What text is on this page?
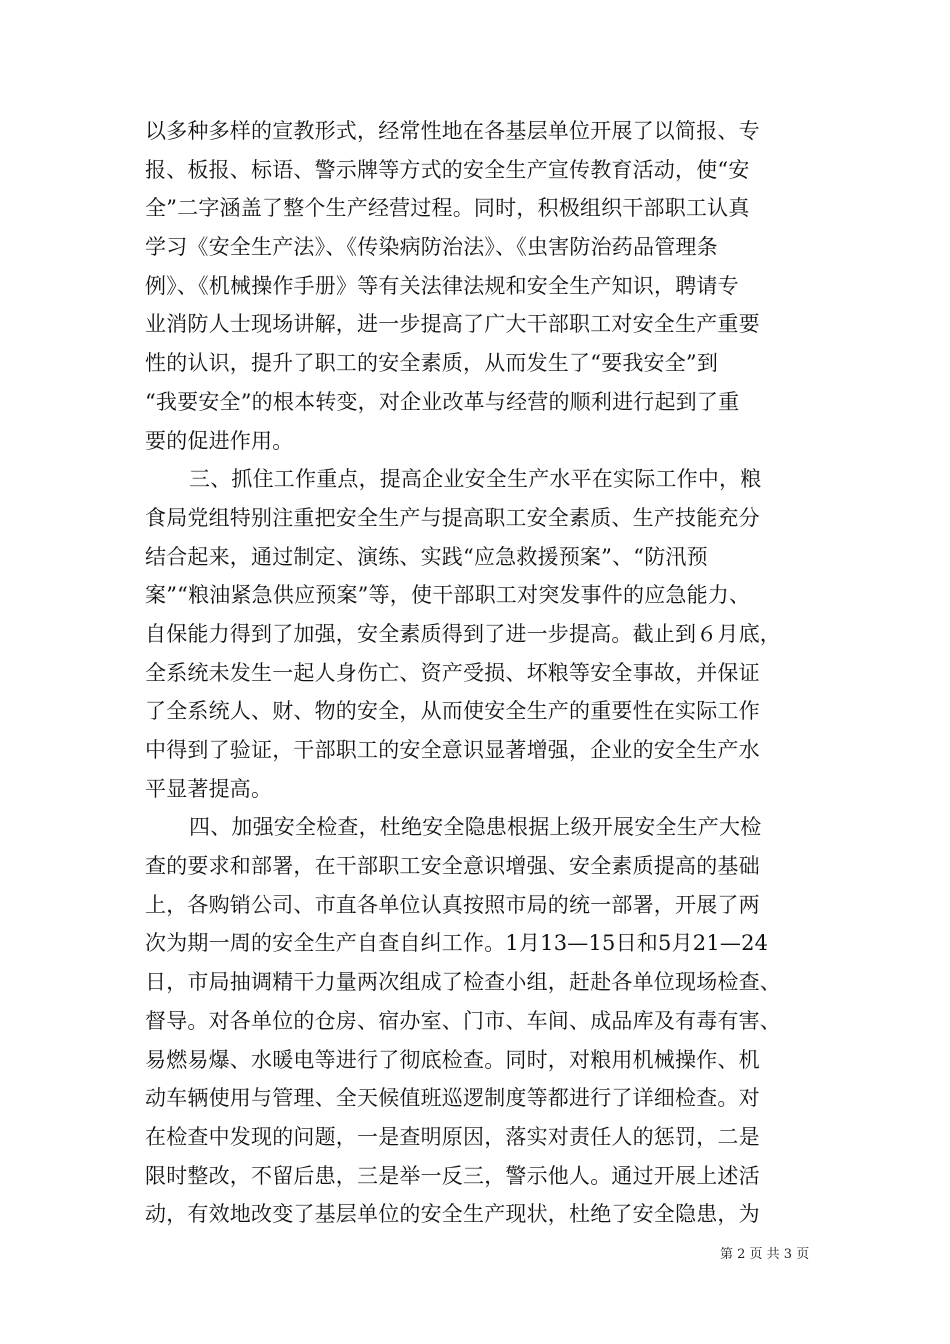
以多种多样的宣教形式，经常性地在各基层单位开展了以简报、专
报、板报、标语、警示牌等方式的安全生产宣传教育活动，使“安
全”二字涵盖了整个生产经营过程。同时，积极组织干部职工认真
学习《安全生产法》、《传染病防治法》、《虫害防治药品管理条
例》、《机械操作手册》等有关法律法规和安全生产知识，聘请专
业消防人士现场讲解，进一步提高了广大干部职工对安全生产重要
性的认识，提升了职工的安全素质，从而发生了“要我安全”到
“我要安全”的根本转变，对企业改革与经营的顺利进行起到了重
要的促进作用。
三、抓住工作重点，提高企业安全生产水平在实际工作中，粮
食局党组特别注重把安全生产与提高职工安全素质、生产技能充分
结合起来，通过制定、演练、实践“应急救援预案”、“防汛预
案”“粮油紧急供应预案”等，使干部职工对突发事件的应急能力、
自保能力得到了加强，安全素质得到了进一步提高。截止到６月底，
全系统未发生一起人身伤亡、资产受损、坏粮等安全事故，并保证
了全系统人、财、物的安全，从而使安全生产的重要性在实际工作
中得到了验证，干部职工的安全意识显著增强，企业的安全生产水
平显著提高。
四、加强安全检查，杜绝安全隐患根据上级开展安全生产大检
查的要求和部署，在干部职工安全意识增强、安全素质提高的基础
上，各购销公司、市直各单位认真按照市局的统一部署，开展了两
次为期一周的安全生产自查自纠工作。1月13—15日和5月21—24
日，市局抽调精干力量两次组成了检查小组，赶赴各单位现场检查、
督导。对各单位的仓房、宿办室、门市、车间、成品库及有毒有害、
易燃易爆、水暖电等进行了彻底检查。同时，对粮用机械操作、机
动车辆使用与管理、全天候值班巡逻制度等都进行了详细检查。对
在检查中发现的问题，一是查明原因，落实对责任人的惩罚，二是
限时整改，不留后患，三是举一反三，警示他人。通过开展上述活
动，有效地改变了基层单位的安全生产现状，杜绝了安全隐患，为
第 2 页 共 3 页
